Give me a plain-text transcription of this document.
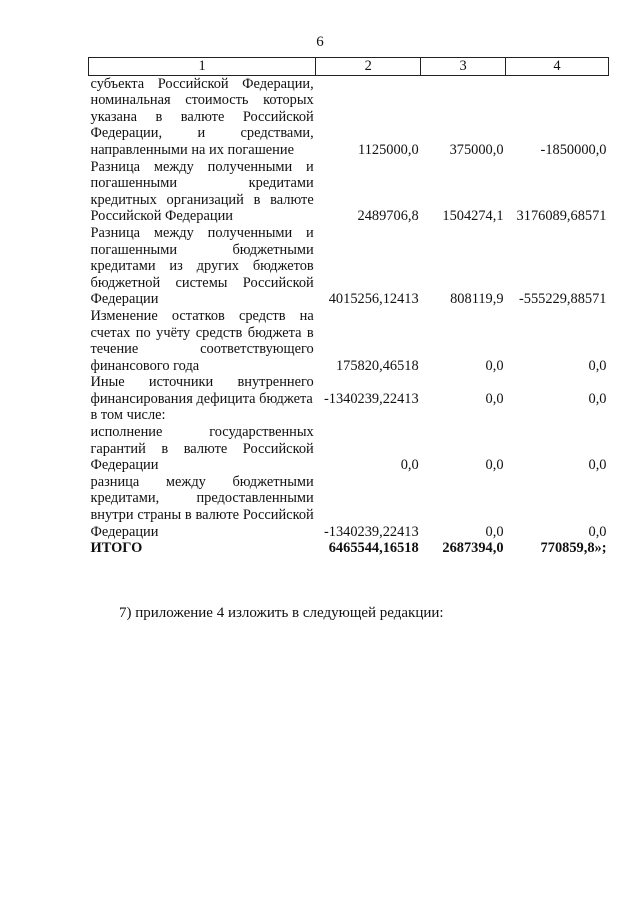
6
1	2	3	4
субъекта Российской Федерации, номинальная стоимость которых указана в валюте Российской Федерации, и средствами, направленными на их погашение	1125000,0	375000,0	-1850000,0
Разница между полученными и погашенными кредитами кредитных организаций в валюте Российской Федерации	2489706,8	1504274,1	3176089,68571
Разница между полученными и погашенными бюджетными кредитами из других бюджетов бюджетной системы Российской Федерации	4015256,12413	808119,9	-555229,88571
Изменение остатков средств на счетах по учёту средств бюджета в течение соответствующего финансового года	175820,46518	0,0	0,0
Иные источники внутреннего финансирования дефицита бюджета	-1340239,22413	0,0	0,0
в том числе:			
исполнение государственных гарантий в валюте Российской Федерации	0,0	0,0	0,0
разница между бюджетными кредитами, предоставленными внутри страны в валюте Российской Федерации	-1340239,22413	0,0	0,0
ИТОГО	6465544,16518	2687394,0	770859,8»;
7) приложение 4 изложить в следующей редакции:
